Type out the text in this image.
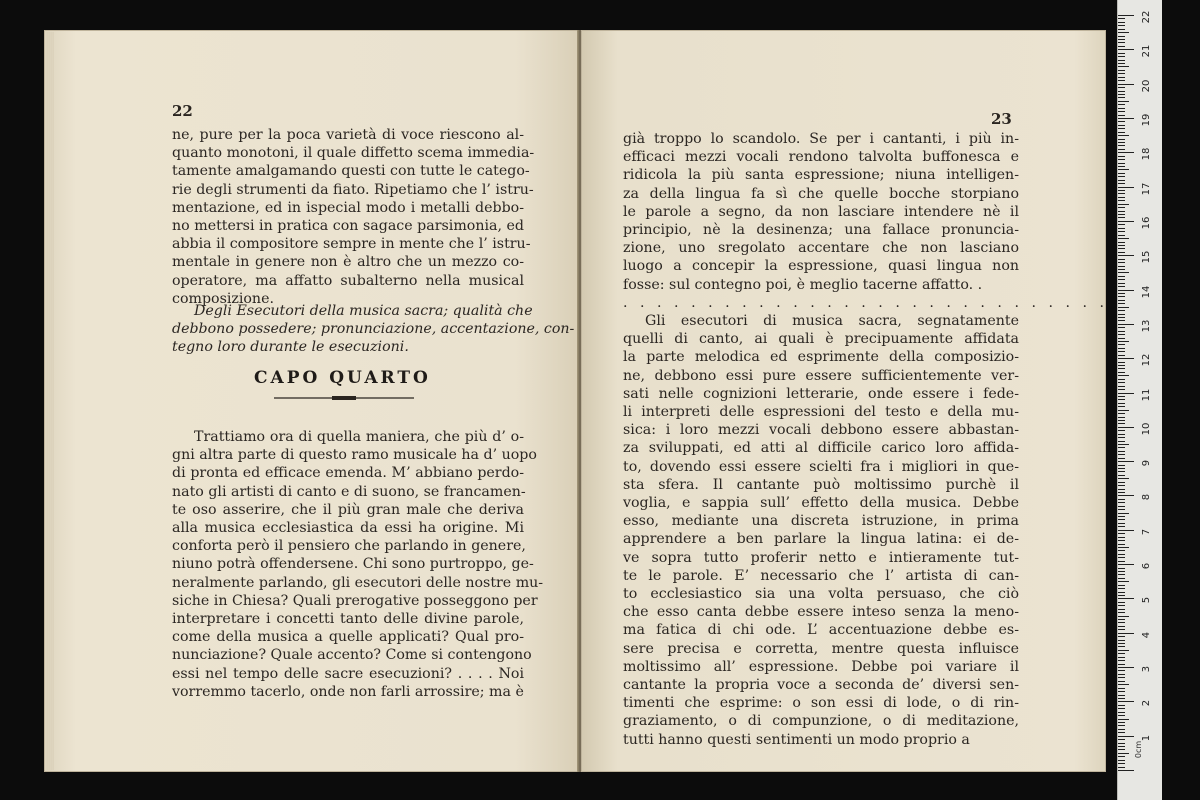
22
ne, pure per la poca varietà di voce riescono al-
quanto monotoni, il quale diffetto scema immedia-
tamente amalgamando questi con tutte le catego-
rie degli strumenti da fiato. Ripetiamo che l’ istru-
mentazione, ed in ispecial modo i metalli debbo-
no mettersi in pratica con sagace parsimonia, ed
abbia il compositore sempre in mente che l’ istru-
mentale in genere non è altro che un mezzo co-
operatore, ma affatto subalterno nella musical
composizione.
Degli Esecutori della musica sacra; qualità che
debbono possedere; pronunciazione, accentazione, con-
tegno loro durante le esecuzioni.
CAPO QUARTO
Trattiamo ora di quella maniera, che più d’ o-
gni altra parte di questo ramo musicale ha d’ uopo
di pronta ed efficace emenda. M’ abbiano perdo-
nato gli artisti di canto e di suono, se francamen-
te oso asserire, che il più gran male che deriva
alla musica ecclesiastica da essi ha origine. Mi
conforta però il pensiero che parlando in genere,
niuno potrà offendersene. Chi sono purtroppo, ge-
neralmente parlando, gli esecutori delle nostre mu-
siche in Chiesa? Quali prerogative posseggono per
interpretare i concetti tanto delle divine parole,
come della musica a quelle applicati? Qual pro-
nunciazione? Quale accento? Come si contengono
essi nel tempo delle sacre esecuzioni? . . . . Noi
vorremmo tacerlo, onde non farli arrossire; ma è
23
già troppo lo scandolo. Se per i cantanti, i più in-
efficaci mezzi vocali rendono talvolta buffonesca e
ridicola la più santa espressione; niuna intelligen-
za della lingua fa sì che quelle bocche storpiano
le parole a segno, da non lasciare intendere nè il
principio, nè la desinenza; una fallace pronuncia-
zione, uno sregolato accentare che non lasciano
luogo a concepir la espressione, quasi lingua non
fosse: sul contegno poi, è meglio tacerne affatto. .
. . . . . . . . . . . . . . . . . . . . . . . . . . . . .
Gli esecutori di musica sacra, segnatamente
quelli di canto, ai quali è precipuamente affidata
la parte melodica ed esprimente della composizio-
ne, debbono essi pure essere sufficientemente ver-
sati nelle cognizioni letterarie, onde essere i fede-
li interpreti delle espressioni del testo e della mu-
sica: i loro mezzi vocali debbono essere abbastan-
za sviluppati, ed atti al difficile carico loro affida-
to, dovendo essi essere scielti fra i migliori in que-
sta sfera. Il cantante può moltissimo purchè il
voglia, e sappia sull’ effetto della musica. Debbe
esso, mediante una discreta istruzione, in prima
apprendere a ben parlare la lingua latina: ei de-
ve sopra tutto proferir netto e intieramente tut-
te le parole. E’ necessario che l’ artista di can-
to ecclesiastico sia una volta persuaso, che ciò
che esso canta debbe essere inteso senza la meno-
ma fatica di chi ode. L’ accentuazione debbe es-
sere precisa e corretta, mentre questa influisce
moltissimo all’ espressione. Debbe poi variare il
cantante la propria voce a seconda de’ diversi sen-
timenti che esprime: o son essi di lode, o di rin-
graziamento, o di compunzione, o di meditazione,
tutti hanno questi sentimenti un modo proprio a	1
2
3
4
5
6
7
8
9
10
11
12
13
14
15
16
17
18
19
20
21
22
0cm
